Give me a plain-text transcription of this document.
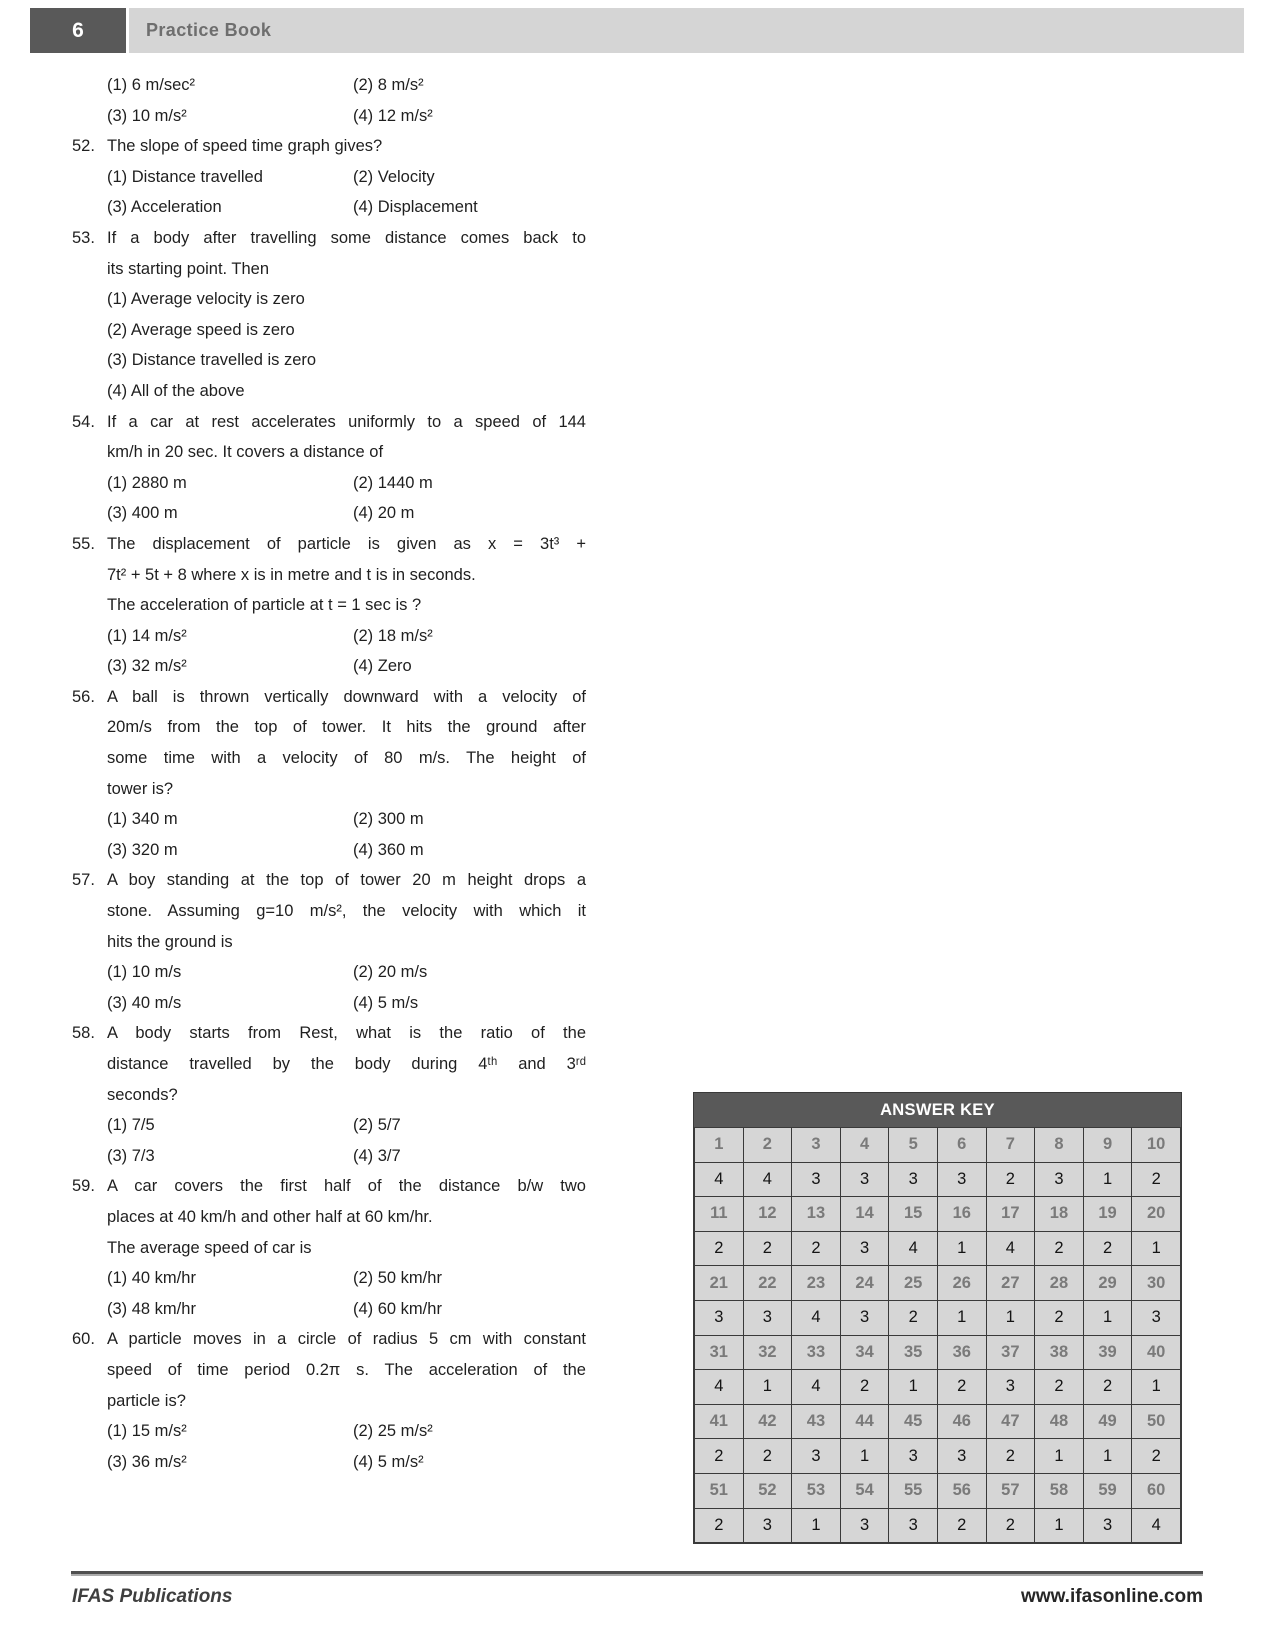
6	Practice Book
(1) 6 m/sec²	(2) 8 m/s²
(3) 10 m/s²	(4) 12 m/s²
52. The slope of speed time graph gives?
(1) Distance travelled	(2) Velocity
(3) Acceleration	(4) Displacement
53. If a body after travelling some distance comes back to
its starting point. Then
(1) Average velocity is zero
(2) Average speed is zero
(3) Distance travelled is zero
(4) All of the above
54. If a car at rest accelerates uniformly to a speed of 144
km/h in 20 sec. It covers a distance of
(1) 2880 m	(2) 1440 m
(3) 400 m	(4) 20 m
55. The displacement of particle is given as x = 3t³ +
7t² + 5t + 8 where x is in metre and t is in seconds.
The acceleration of particle at t = 1 sec is ?
(1) 14 m/s²	(2) 18 m/s²
(3) 32 m/s²	(4) Zero
56. A ball is thrown vertically downward with a velocity of
20m/s from the top of tower. It hits the ground after
some time with a velocity of 80 m/s. The height of
tower is?
(1) 340 m	(2) 300 m
(3) 320 m	(4) 360 m
57. A boy standing at the top of tower 20 m height drops a
stone. Assuming g=10 m/s², the velocity with which it
hits the ground is
(1) 10 m/s	(2) 20 m/s
(3) 40 m/s	(4) 5 m/s
58. A body starts from Rest, what is the ratio of the
distance travelled by the body during 4ᵗʰ and 3ʳᵈ
seconds?
(1) 7/5	(2) 5/7
(3) 7/3	(4) 3/7
59. A car covers the first half of the distance b/w two
places at 40 km/h and other half at 60 km/hr.
The average speed of car is
(1) 40 km/hr	(2) 50 km/hr
(3) 48 km/hr	(4) 60 km/hr
60. A particle moves in a circle of radius 5 cm with constant
speed of time period 0.2π s. The acceleration of the
particle is?
(1) 15 m/s²	(2) 25 m/s²
(3) 36 m/s²	(4) 5 m/s²
ANSWER KEY
1	2	3	4	5	6	7	8	9	10
4	4	3	3	3	3	2	3	1	2
11	12	13	14	15	16	17	18	19	20
2	2	2	3	4	1	4	2	2	1
21	22	23	24	25	26	27	28	29	30
3	3	4	3	2	1	1	2	1	3
31	32	33	34	35	36	37	38	39	40
4	1	4	2	1	2	3	2	2	1
41	42	43	44	45	46	47	48	49	50
2	2	3	1	3	3	2	1	1	2
51	52	53	54	55	56	57	58	59	60
2	3	1	3	3	2	2	1	3	4
IFAS Publications	www.ifasonline.com
